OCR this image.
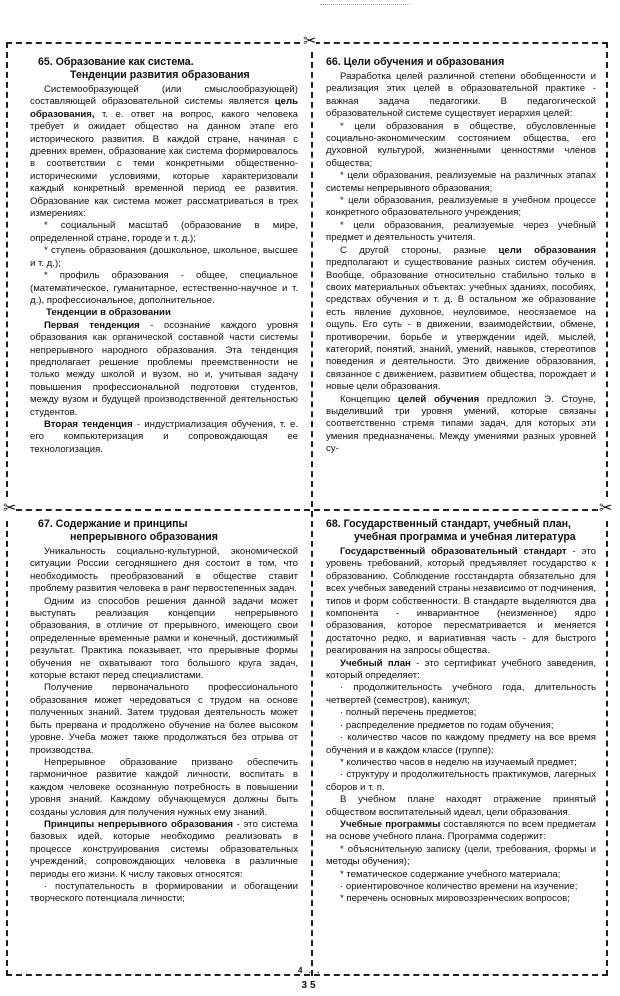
✂
✂	✂
65. Образование как система.
Тенденции развития образования

Системообразующей (или смыслообразующей) составляющей образовательной системы является цель образования, т. е. ответ на вопрос, какого человека требует и ожидает общество на данном этапе его исторического развития. В каждой стране, начиная с древних времен, образование как система формировалось в соответствии с теми конкретными общественно-историческими условиями, которые характеризовали каждый конкретный временной период ее развития. Образование как система может рассматриваться в трех измерениях:

* социальный масштаб (образование в мире, определенной стране, городе и т. д.);

* ступень образования (дошкольное, школьное, высшее и т. д.);

* профиль образования - общее, специальное (математическое, гуманитарное, естественно-научное и т. д.), профессиональное, дополнительное.

Тенденции в образовании

Первая тенденция - осознание каждого уровня образования как органической составной части системы непрерывного народного образования. Эта тенденция предполагает решение проблемы преемственности не только между школой и вузом, но и, учитывая задачу повышения профессиональной подготовки студентов, между вузом и будущей производственной деятельностью студентов.

Вторая тенденция - индустриализация обучения, т. е. его компьютеризация и сопровождающая ее технологизация.

66. Цели обучения и образования

Разработка целей различной степени обобщенности и реализация этих целей в образовательной практике - важная задача педагогики. В педагогической образовательной системе существует иерархия целей:

* цели образования в обществе, обусловленные социально-экономическим состоянием общества, его духовной культурой, жизненными ценностями членов общества;

* цели образования, реализуемые на различных этапах системы непрерывного образования;

* цели образования, реализуемые в учебном процессе конкретного образовательного учреждения;

* цели образования, реализуемые через учебный предмет и деятельность учителя.

С другой стороны, разные цели образования предполагают и существование разных систем обучения. Вообще, образование относительно стабильно только в своих материальных объектах: учебных зданиях, пособиях, средствах обучения и т. д. В остальном же образование есть явление духовное, неуловимое, неосязаемое на ощупь. Его суть - в движении, взаимодействии, обмене, противоречии, борьбе и утверждении идей, мыслей, категорий, понятий, знаний, умений, навыков, стереотипов поведения и деятельности. Это движение образования, связанное с движением, развитием общества, порождает и новые цели образования.

Концепцию целей обучения предложил Э. Стоуне, выделивший три уровня умений, которые связаны соответственно стремя типами задач, для которых эти умения предназначены. Между умениями разных уровней су-

67. Содержание и принципы
непрерывного образования

Уникальность социально-культурной, экономической ситуации России сегодняшнего дня состоит в том, что необходимость преобразований в обществе ставит проблему развития человека в ранг первостепенных задач.

Одним из способов решения данной задачи может выступать реализация концепции непрерывного образования, в отличие от прерывного, имеющего свои определенные временные рамки и конечный, достижимый результат. Практика показывает, что прерывные формы обучения не охватывают того большого круга задач, которые встают перед специалистами.

Получение первоначального профессионального образования может чередоваться с трудом на основе полученных знаний. Затем трудовая деятельность может быть прервана и продолжено обучение на более высоком уровне. Учеба может также продолжаться без отрыва от производства.

Непрерывное образование призвано обеспечить гармоничное развитие каждой личности, воспитать в каждом человеке осознанную потребность в повышении уровня знаний. Каждому обучающемуся должны быть созданы условия для получения нужных ему знаний.

Принципы непрерывного образования - это система базовых идей, которые необходимо реализовать в процессе конструирования системы образовательных учреждений, сопровождающих человека в различные периоды его жизни. К числу таковых относятся:

· поступательность в формировании и обогащении творческого потенциала личности;

68. Государственный стандарт, учебный план,
учебная программа и учебная литература

Государственный образовательный стандарт - это уровень требований, который предъявляет государство к образованию. Соблюдение госстандарта обязательно для всех учебных заведений страны независимо от подчинения, типов и форм собственности. В стандарте выделяются два компонента - инвариантное (неизменное) ядро образования, которое пересматривается и меняется достаточно редко, и вариативная часть - для быстрого реагирования на запросы общества.

Учебный план - это сертификат учебного заведения, который определяет:

· продолжительность учебного года, длительность четвертей (семестров), каникул;

· полный перечень предметов;

· распределение предметов по годам обучения;

· количество часов по каждому предмету на все время обучения и в каждом классе (группе);

* количество часов в неделю на изучаемый предмет;

· структуру и продолжительность практикумов, лагерных сборов и т. п.

В учебном плане находят отражение принятый обществом воспитательный идеал, цели образования.

Учебные программы составляются по всем предметам на основе учебного плана. Программа содержит:

* объяснительную записку (цели, требования, формы и методы обучения);

* тематическое содержание учебного материала;

· ориентировочное количество времени на изучение;

* перечень основных мировоззренческих вопросов;

4 . .
35
